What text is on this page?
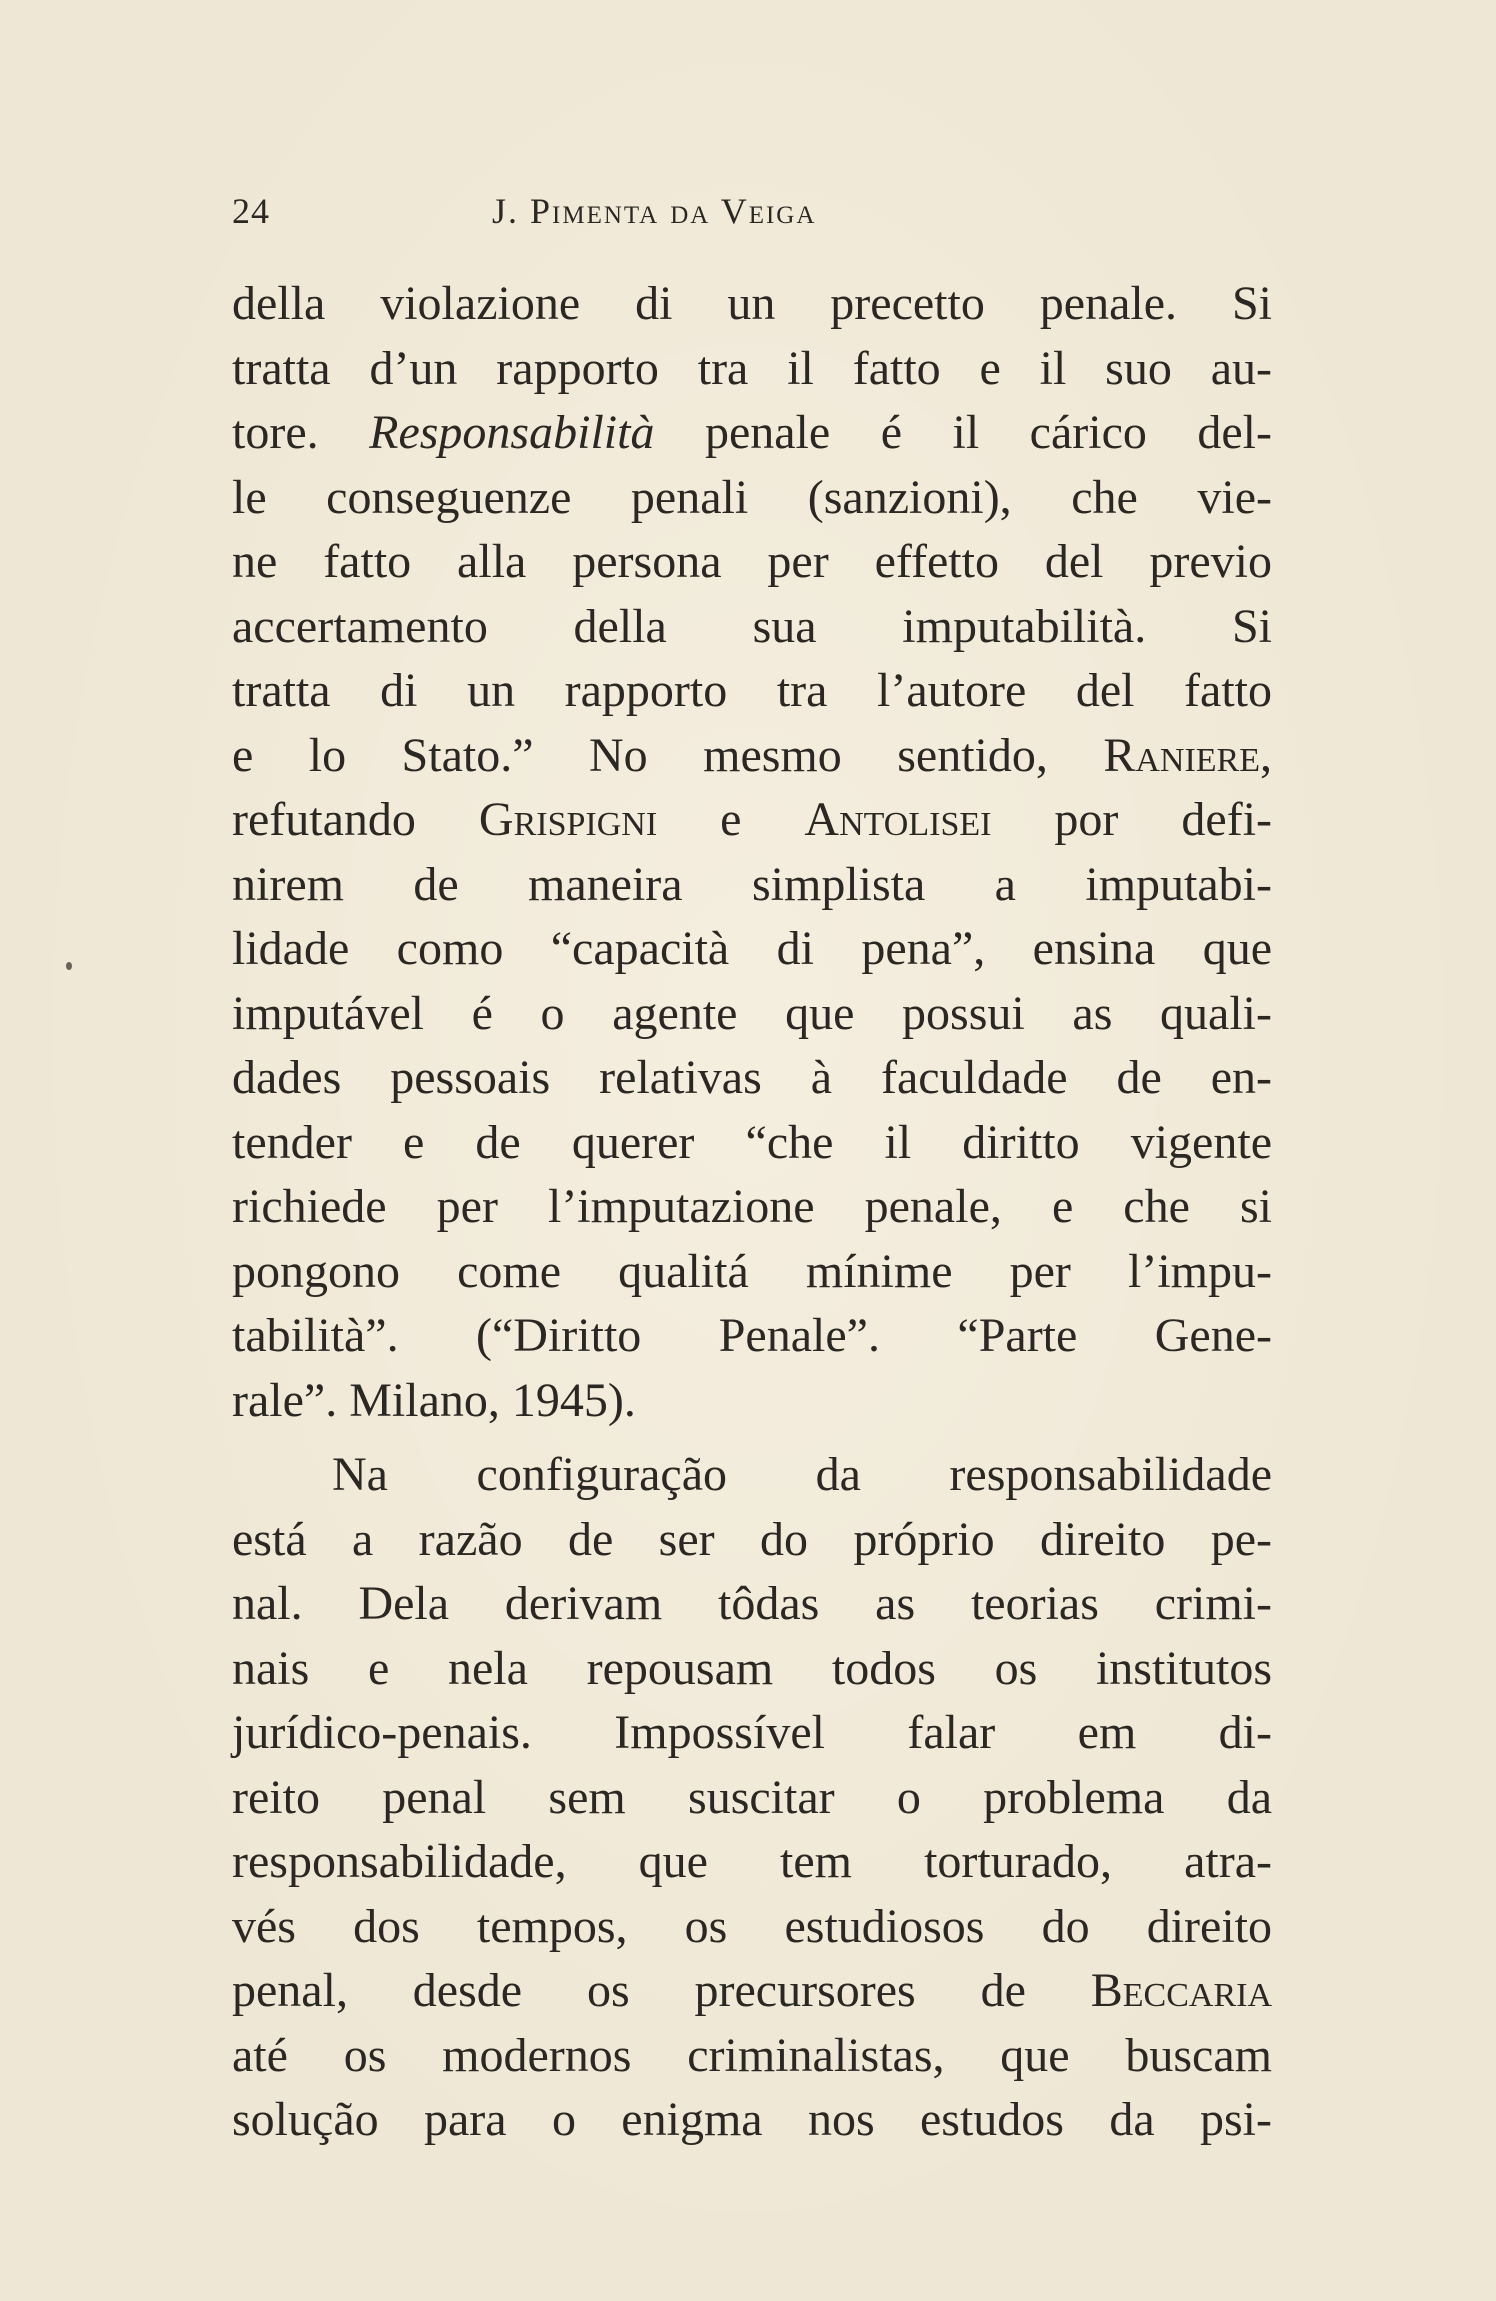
24	J. Pimenta da Veiga
della violazione di un precetto penale. Si
tratta d’un rapporto tra il fatto e il suo au-
tore. Responsabilità penale é il cárico del-
le conseguenze penali (sanzioni), che vie-
ne fatto alla persona per effetto del previo
accertamento della sua imputabilità. Si
tratta di un rapporto tra l’autore del fatto
e lo Stato.” No mesmo sentido, Raniere,
refutando Grispigni e Antolisei por defi-
nirem de maneira simplista a imputabi-
lidade como “capacità di pena”, ensina que
imputável é o agente que possui as quali-
dades pessoais relativas à faculdade de en-
tender e de querer “che il diritto vigente
richiede per l’imputazione penale, e che si
pongono come qualitá mínime per l’impu-
tabilità”. (“Diritto Penale”. “Parte Gene-
rale”. Milano, 1945).
Na configuração da responsabilidade
está a razão de ser do próprio direito pe-
nal. Dela derivam tôdas as teorias crimi-
nais e nela repousam todos os institutos
jurídico-penais. Impossível falar em di-
reito penal sem suscitar o problema da
responsabilidade, que tem torturado, atra-
vés dos tempos, os estudiosos do direito
penal, desde os precursores de Beccaria
até os modernos criminalistas, que buscam
solução para o enigma nos estudos da psi-
